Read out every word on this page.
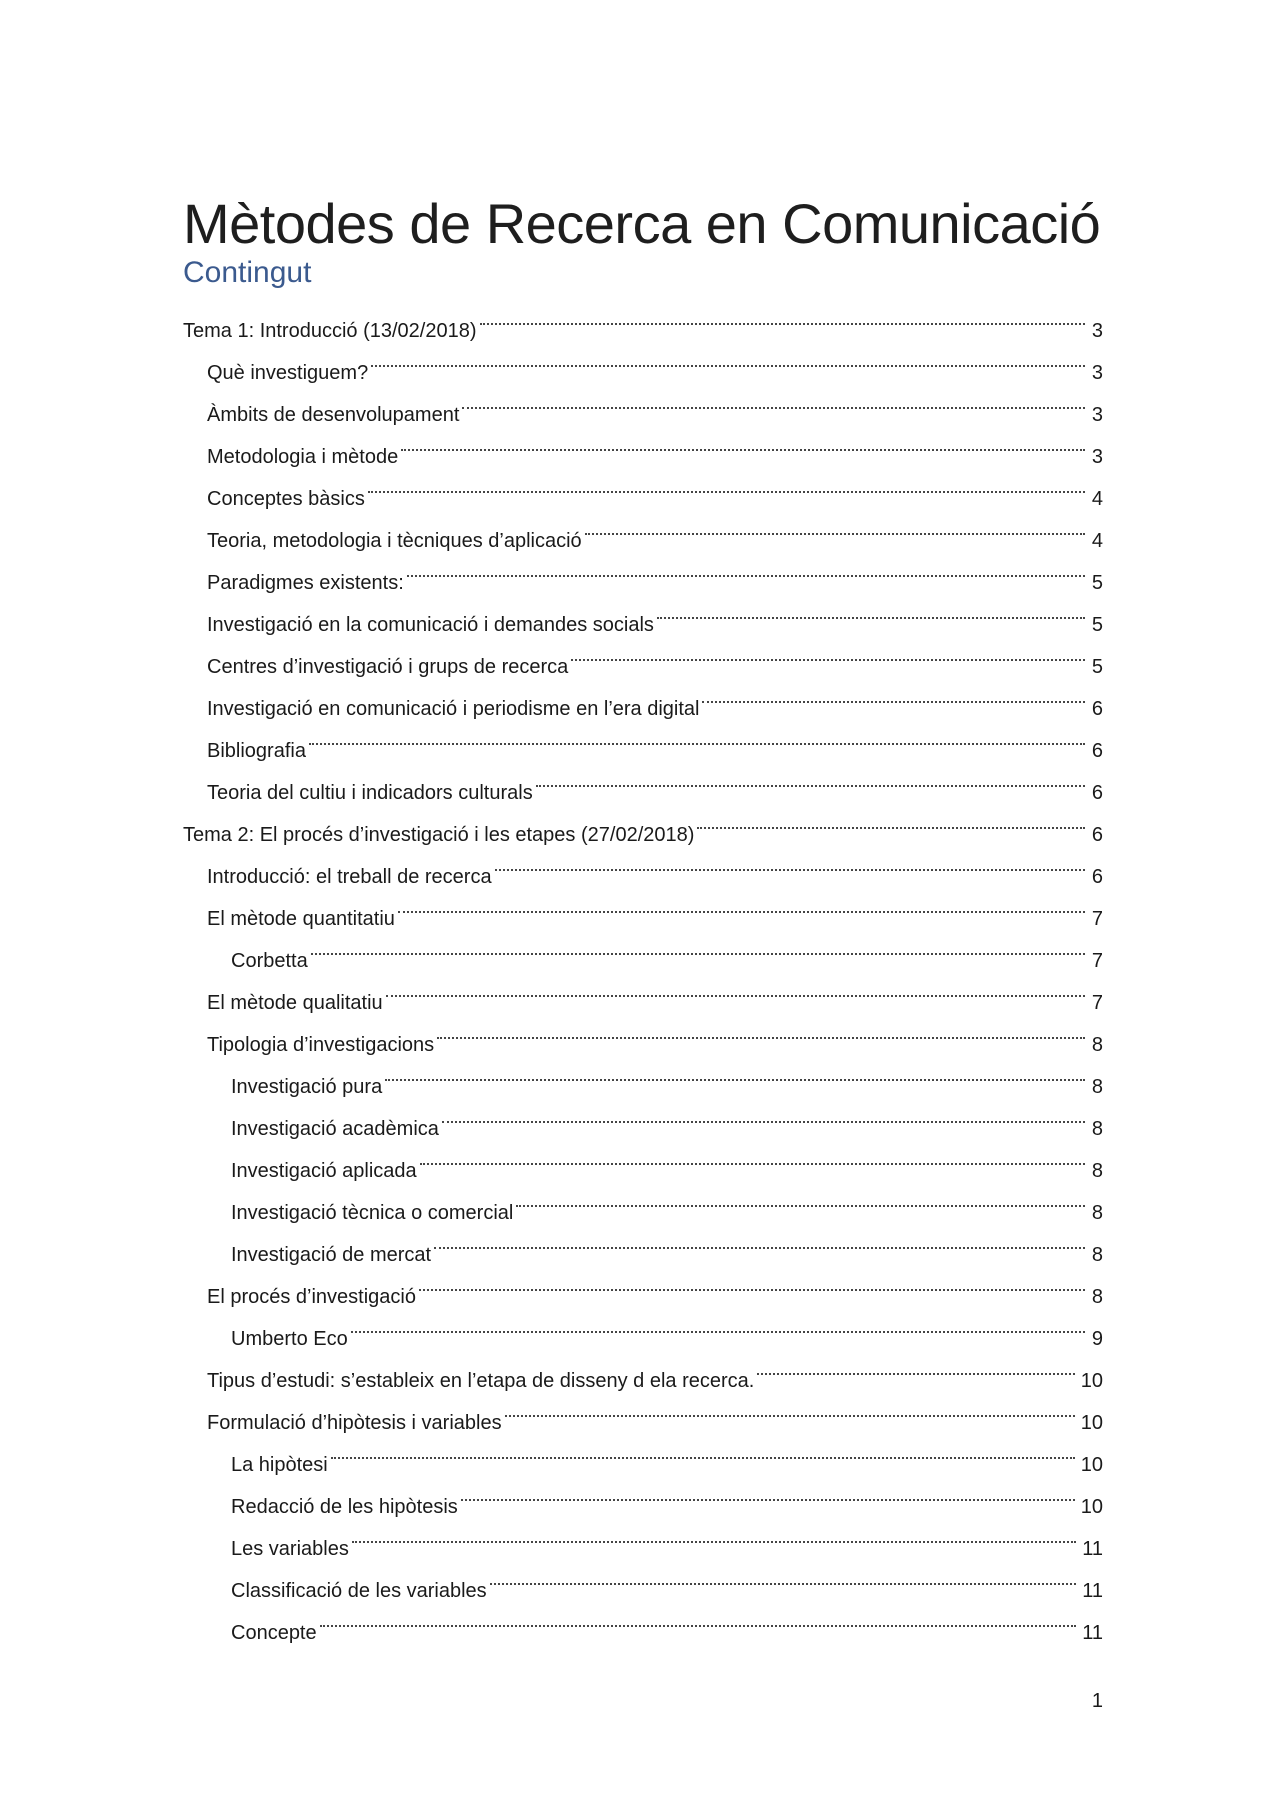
Mètodes de Recerca en Comunicació
Contingut
Tema 1: Introducció (13/02/2018)	3
Què investiguem?	3
Àmbits de desenvolupament	3
Metodologia i mètode	3
Conceptes bàsics	4
Teoria, metodologia i tècniques d’aplicació	4
Paradigmes existents:	5
Investigació en la comunicació i demandes socials	5
Centres d’investigació i grups de recerca	5
Investigació en comunicació i periodisme en l’era digital	6
Bibliografia	6
Teoria del cultiu i indicadors culturals	6
Tema 2: El procés d’investigació i les etapes (27/02/2018)	6
Introducció: el treball de recerca	6
El mètode quantitatiu	7
Corbetta	7
El mètode qualitatiu	7
Tipologia d’investigacions	8
Investigació pura	8
Investigació acadèmica	8
Investigació aplicada	8
Investigació tècnica o comercial	8
Investigació de mercat	8
El procés d’investigació	8
Umberto Eco	9
Tipus d’estudi: s’estableix en l’etapa de disseny d ela recerca.	10
Formulació d’hipòtesis i variables	10
La hipòtesi	10
Redacció de les hipòtesis	10
Les variables	11
Classificació de les variables	11
Concepte	11
1
